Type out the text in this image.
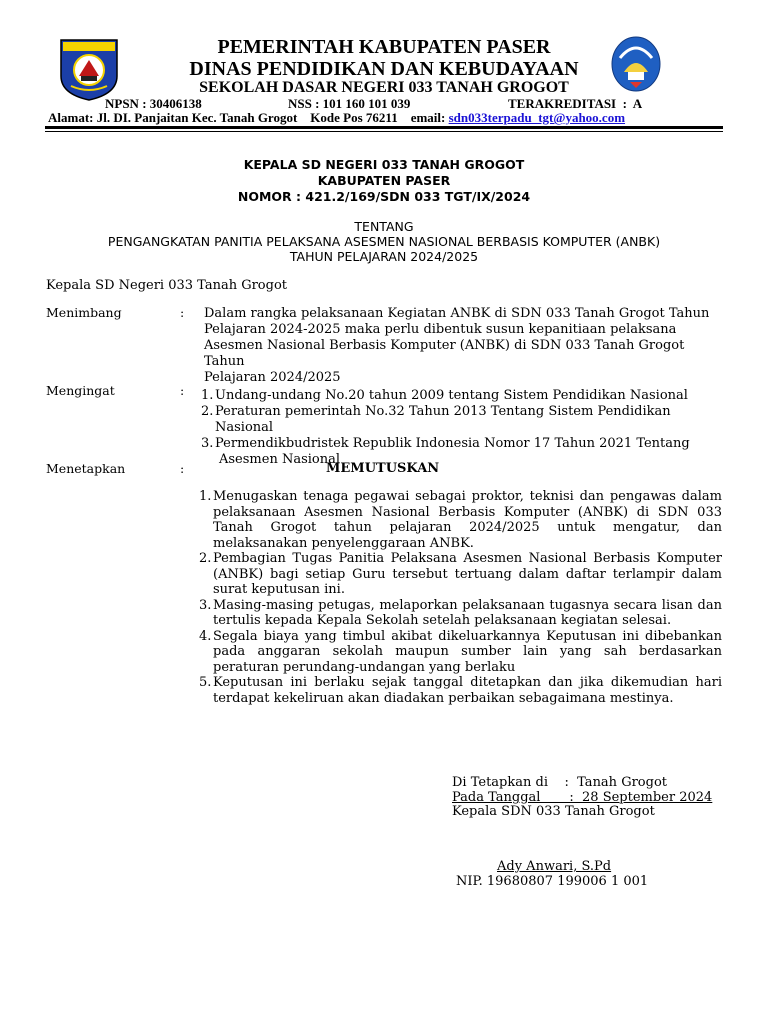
PEMERINTAH KABUPATEN PASER
DINAS PENDIDIKAN DAN KEBUDAYAAN
SEKOLAH DASAR NEGERI 033 TANAH GROGOT
NPSN : 30406138	NSS : 101 160 101 039	TERAKREDITASI  :  A
Alamat: Jl. DI. Panjaitan Kec. Tanah Grogot    Kode Pos 76211    email: sdn033terpadu_tgt@yahoo.com
KEPALA SD NEGERI 033 TANAH GROGOT
KABUPATEN PASER
NOMOR : 421.2/169/SDN 033 TGT/IX/2024
TENTANG
PENGANGKATAN PANITIA PELAKSANA ASESMEN NASIONAL BERBASIS KOMPUTER (ANBK)
TAHUN PELAJARAN 2024/2025
Kepala SD Negeri 033 Tanah Grogot
Menimbang	: Dalam rangka pelaksanaan Kegiatan ANBK di SDN 033 Tanah Grogot Tahun
Pelajaran 2024-2025 maka perlu dibentuk susun kepanitiaan pelaksana
Asesmen Nasional Berbasis Komputer (ANBK) di SDN 033 Tanah Grogot Tahun
Pelajaran 2024/2025
Mengingat	: 1. Undang-undang No.20 tahun 2009 tentang Sistem Pendidikan Nasional
2. Peraturan pemerintah No.32 Tahun 2013 Tentang Sistem Pendidikan Nasional
3. Permendikbudristek Republik Indonesia Nomor 17 Tahun 2021 Tentang
Asesmen Nasional
Menetapkan	:	MEMUTUSKAN
1. Menugaskan tenaga pegawai sebagai proktor, teknisi dan pengawas dalam pelaksanaan Asesmen Nasional Berbasis Komputer (ANBK) di SDN 033 Tanah Grogot tahun pelajaran 2024/2025 untuk mengatur, dan melaksanakan penyelenggaraan ANBK.
2. Pembagian Tugas Panitia Pelaksana Asesmen Nasional Berbasis Komputer (ANBK) bagi setiap Guru tersebut tertuang dalam daftar terlampir dalam surat keputusan ini.
3. Masing-masing petugas, melaporkan pelaksanaan tugasnya secara lisan dan tertulis kepada Kepala Sekolah setelah pelaksanaan kegiatan selesai.
4. Segala biaya yang timbul akibat dikeluarkannya Keputusan ini dibebankan pada anggaran sekolah maupun sumber lain yang sah berdasarkan peraturan perundang-undangan yang berlaku
5. Keputusan ini berlaku sejak tanggal ditetapkan dan jika dikemudian hari terdapat kekeliruan akan diadakan perbaikan sebagaimana mestinya.
Di Tetapkan di    :  Tanah Grogot
Pada Tanggal       :  28 September 2024
Kepala SDN 033 Tanah Grogot
Ady Anwari, S.Pd
NIP. 19680807 199006 1 001
